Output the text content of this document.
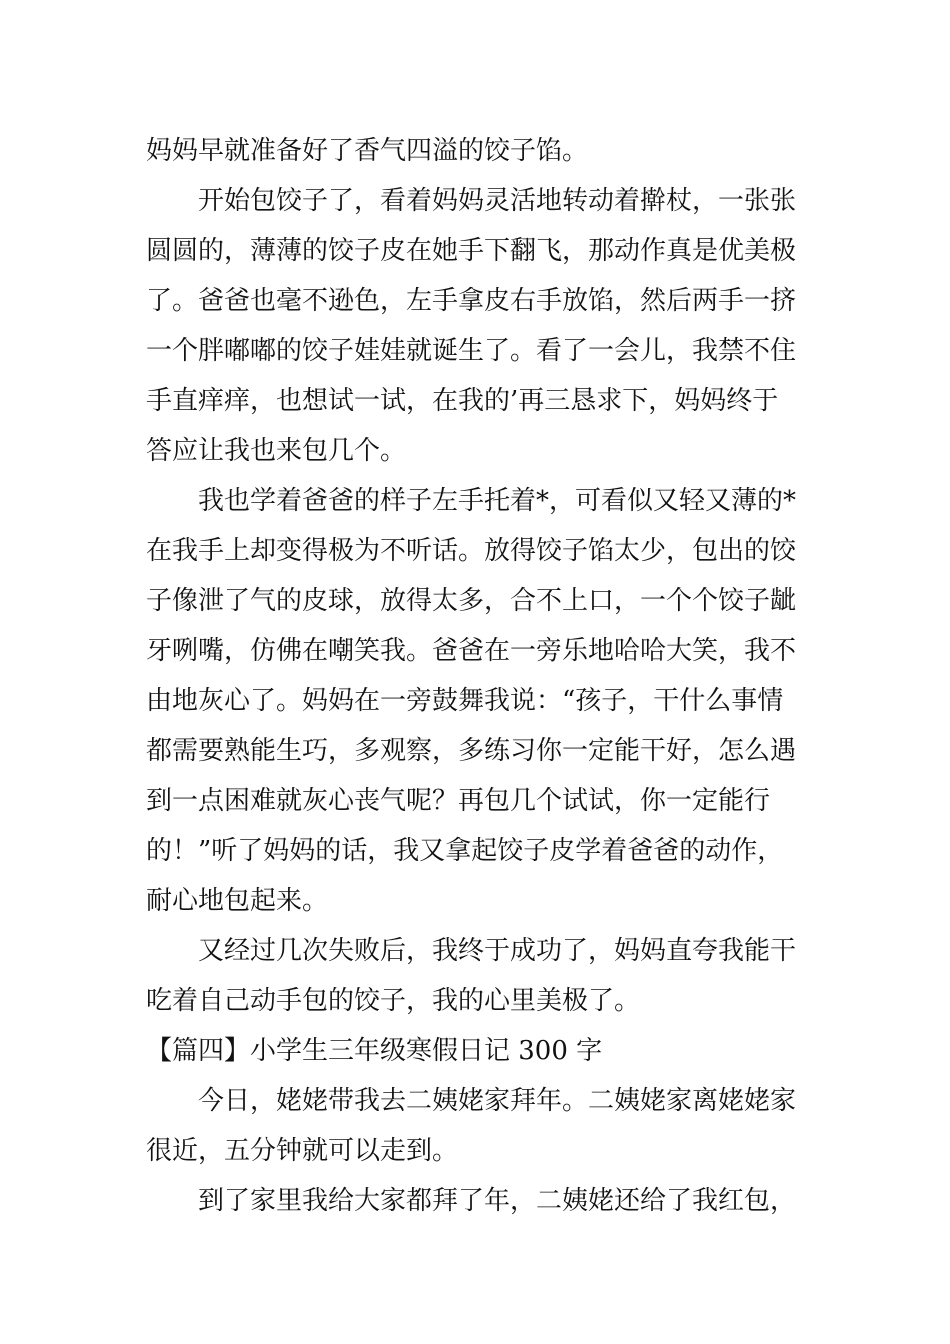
妈妈早就准备好了香气四溢的饺子馅。
开始包饺子了，看着妈妈灵活地转动着擀杖，一张张
圆圆的，薄薄的饺子皮在她手下翻飞，那动作真是优美极
了。爸爸也毫不逊色，左手拿皮右手放馅，然后两手一挤
一个胖嘟嘟的饺子娃娃就诞生了。看了一会儿，我禁不住
手直痒痒，也想试一试，在我的’再三恳求下，妈妈终于
答应让我也来包几个。
我也学着爸爸的样子左手托着*，可看似又轻又薄的*
在我手上却变得极为不听话。放得饺子馅太少，包出的饺
子像泄了气的皮球，放得太多，合不上口，一个个饺子龇
牙咧嘴，仿佛在嘲笑我。爸爸在一旁乐地哈哈大笑，我不
由地灰心了。妈妈在一旁鼓舞我说：“孩子，干什么事情
都需要熟能生巧，多观察，多练习你一定能干好，怎么遇
到一点困难就灰心丧气呢？再包几个试试，你一定能行
的！”听了妈妈的话，我又拿起饺子皮学着爸爸的动作，
耐心地包起来。
又经过几次失败后，我终于成功了，妈妈直夸我能干
吃着自己动手包的饺子，我的心里美极了。
【篇四】小学生三年级寒假日记 300 字
今日，姥姥带我去二姨姥家拜年。二姨姥家离姥姥家
很近，五分钟就可以走到。
到了家里我给大家都拜了年，二姨姥还给了我红包，
